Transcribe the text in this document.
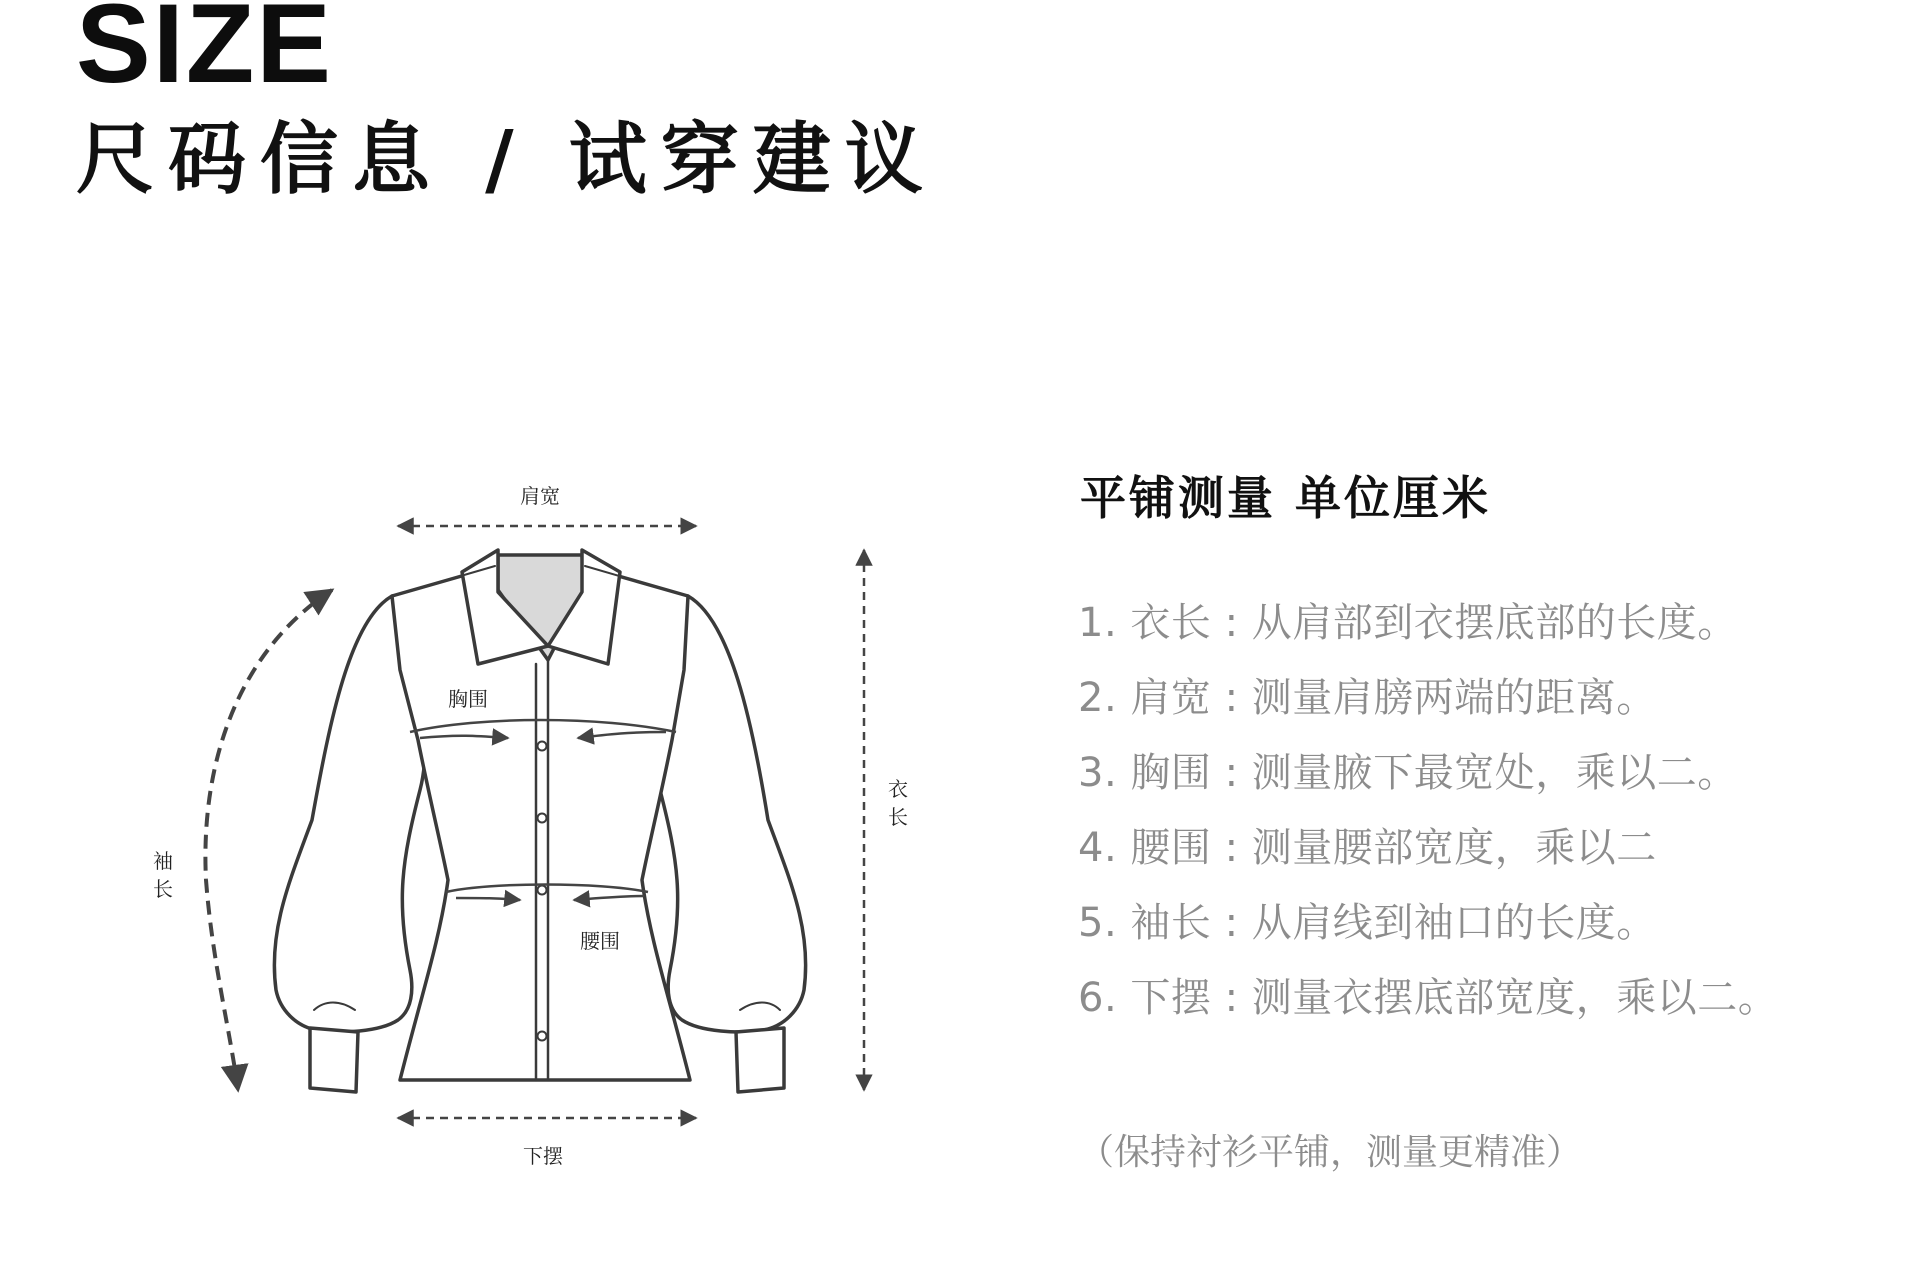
SIZE
尺码信息 / 试穿建议
肩宽
胸围
腰围
下摆
衣
长
袖
长
平铺测量 单位厘米
1. 衣长 : 从肩部到衣摆底部的长度。
2. 肩宽 : 测量肩膀两端的距离。
3. 胸围 : 测量腋下最宽处，乘以二。
4. 腰围 : 测量腰部宽度，乘以二
5. 袖长 : 从肩线到袖口的长度。
6. 下摆 : 测量衣摆底部宽度，乘以二。
（保持衬衫平铺，测量更精准）
